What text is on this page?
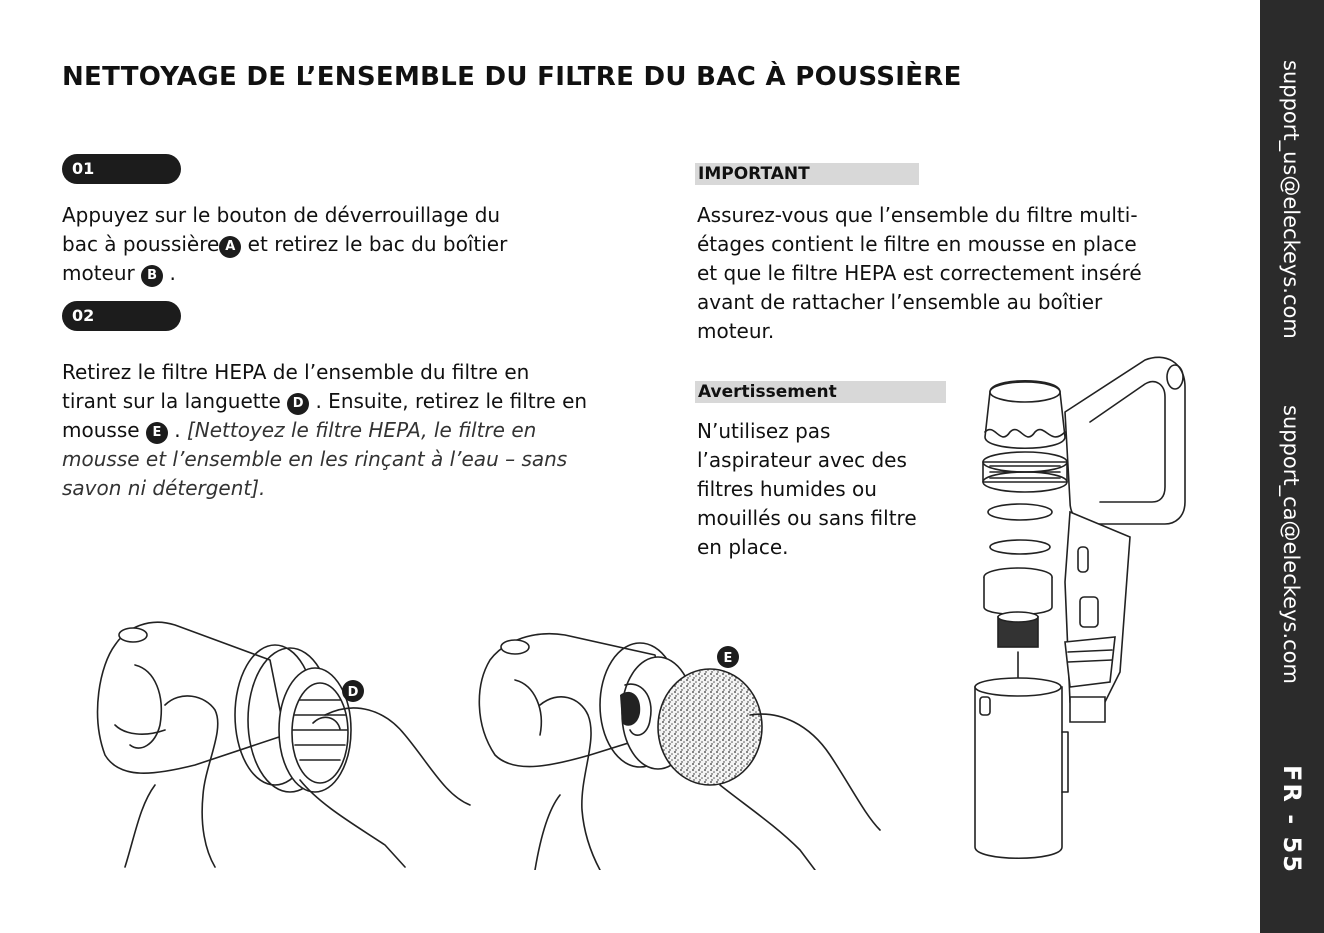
NETTOYAGE DE L’ENSEMBLE DU FILTRE DU BAC À POUSSIÈRE
01

Appuyez sur le bouton de déverrouillage du
bac à poussière A et retirez le bac du boîtier
moteur B .

02

Retirez le filtre HEPA de l’ensemble du filtre en
tirant sur la languette D . Ensuite, retirez le filtre en
mousse E . [Nettoyez le filtre HEPA, le filtre en
mousse et l’ensemble en les rinçant à l’eau – sans
savon ni détergent].

IMPORTANT

Assurez-vous que l’ensemble du filtre multi-
étages contient le filtre en mousse en place
et que le filtre HEPA est correctement inséré
avant de rattacher l’ensemble au boîtier
moteur.

Avertissement

N’utilisez pas
l’aspirateur avec des
filtres humides ou
mouillés ou sans filtre
en place.

D
E
support_us@eleckeys.com
support_ca@eleckeys.com
FR - 55
